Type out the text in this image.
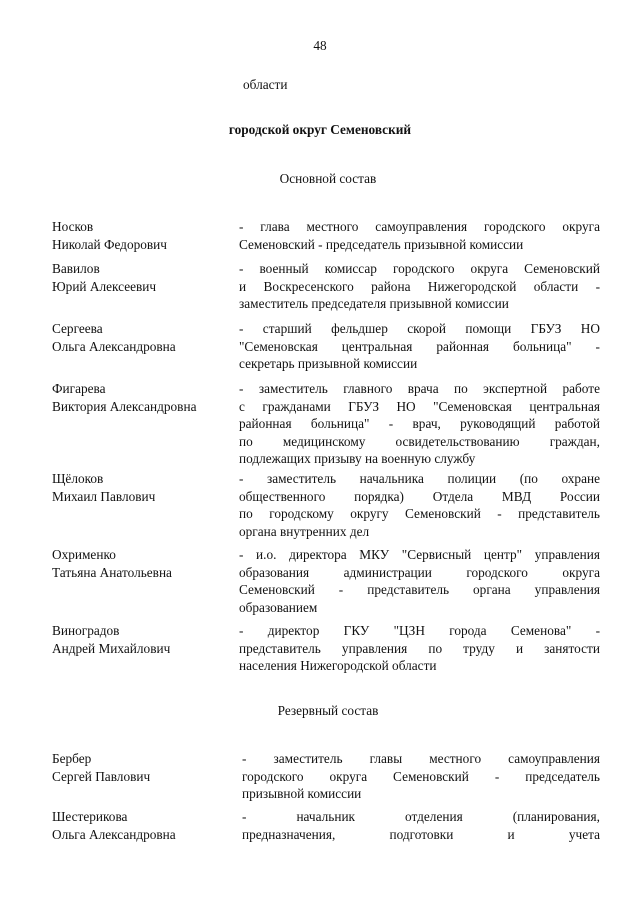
48
области
городской округ Семеновский
Основной состав
Носков
Николай Федорович
- глава местного самоуправления городского округа
Семеновский - председатель призывной комиссии
Вавилов
Юрий Алексеевич
- военный комиссар городского округа Семеновский
и Воскресенского района Нижегородской области -
заместитель председателя призывной комиссии
Сергеева
Ольга Александровна
- старший фельдшер скорой помощи ГБУЗ НО
"Семеновская центральная районная больница" -
секретарь призывной комиссии
Фигарева
Виктория Александровна
- заместитель главного врача по экспертной работе
с гражданами ГБУЗ НО "Семеновская центральная
районная больница" - врач, руководящий работой
по медицинскому освидетельствованию граждан,
подлежащих призыву на военную службу
Щёлоков
Михаил Павлович
- заместитель начальника полиции (по охране
общественного порядка) Отдела МВД России
по городскому округу Семеновский - представитель
органа внутренних дел
Охрименко
Татьяна Анатольевна
- и.о. директора МКУ "Сервисный центр" управления
образования администрации городского округа
Семеновский - представитель органа управления
образованием
Виноградов
Андрей Михайлович
- директор ГКУ "ЦЗН города Семенова" -
представитель управления по труду и занятости
населения Нижегородской области
Резервный состав
Бербер
Сергей Павлович
- заместитель главы местного самоуправления
городского округа Семеновский - председатель
призывной комиссии
Шестерикова
Ольга Александровна
- начальник отделения (планирования,
предназначения, подготовки и учета
